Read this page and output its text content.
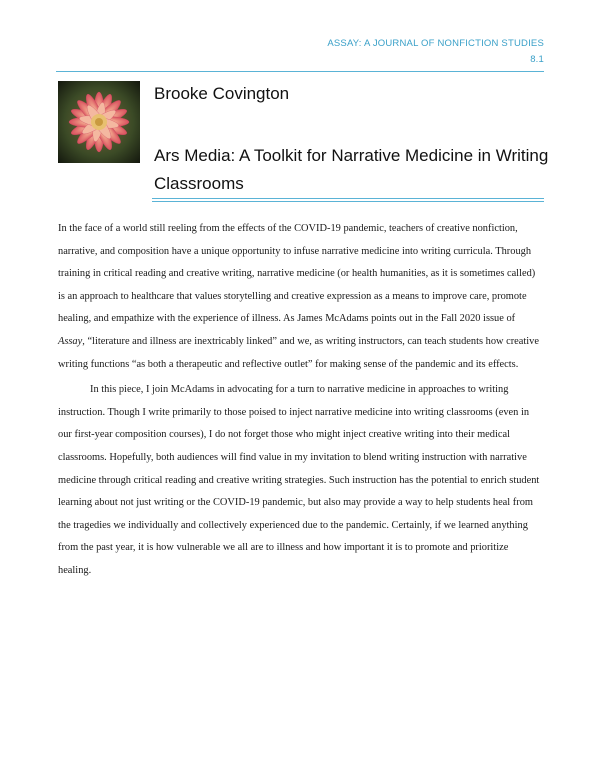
ASSAY: A JOURNAL OF NONFICTION STUDIES
8.1
Brooke Covington
Ars Media: A Toolkit for Narrative Medicine in Writing Classrooms

In the face of a world still reeling from the effects of the COVID-19 pandemic, teachers of creative nonfiction, narrative, and composition have a unique opportunity to infuse narrative medicine into writing curricula. Through training in critical reading and creative writing, narrative medicine (or health humanities, as it is sometimes called) is an approach to healthcare that values storytelling and creative expression as a means to improve care, promote healing, and empathize with the experience of illness. As James McAdams points out in the Fall 2020 issue of Assay, “literature and illness are inextricably linked” and we, as writing instructors, can teach students how creative writing functions “as both a therapeutic and reflective outlet” for making sense of the pandemic and its effects.

In this piece, I join McAdams in advocating for a turn to narrative medicine in approaches to writing instruction. Though I write primarily to those poised to inject narrative medicine into writing classrooms (even in our first-year composition courses), I do not forget those who might inject creative writing into their medical classrooms. Hopefully, both audiences will find value in my invitation to blend writing instruction with narrative medicine through critical reading and creative writing strategies. Such instruction has the potential to enrich student learning about not just writing or the COVID-19 pandemic, but also may provide a way to help students heal from the tragedies we individually and collectively experienced due to the pandemic. Certainly, if we learned anything from the past year, it is how vulnerable we all are to illness and how important it is to promote and prioritize healing.
